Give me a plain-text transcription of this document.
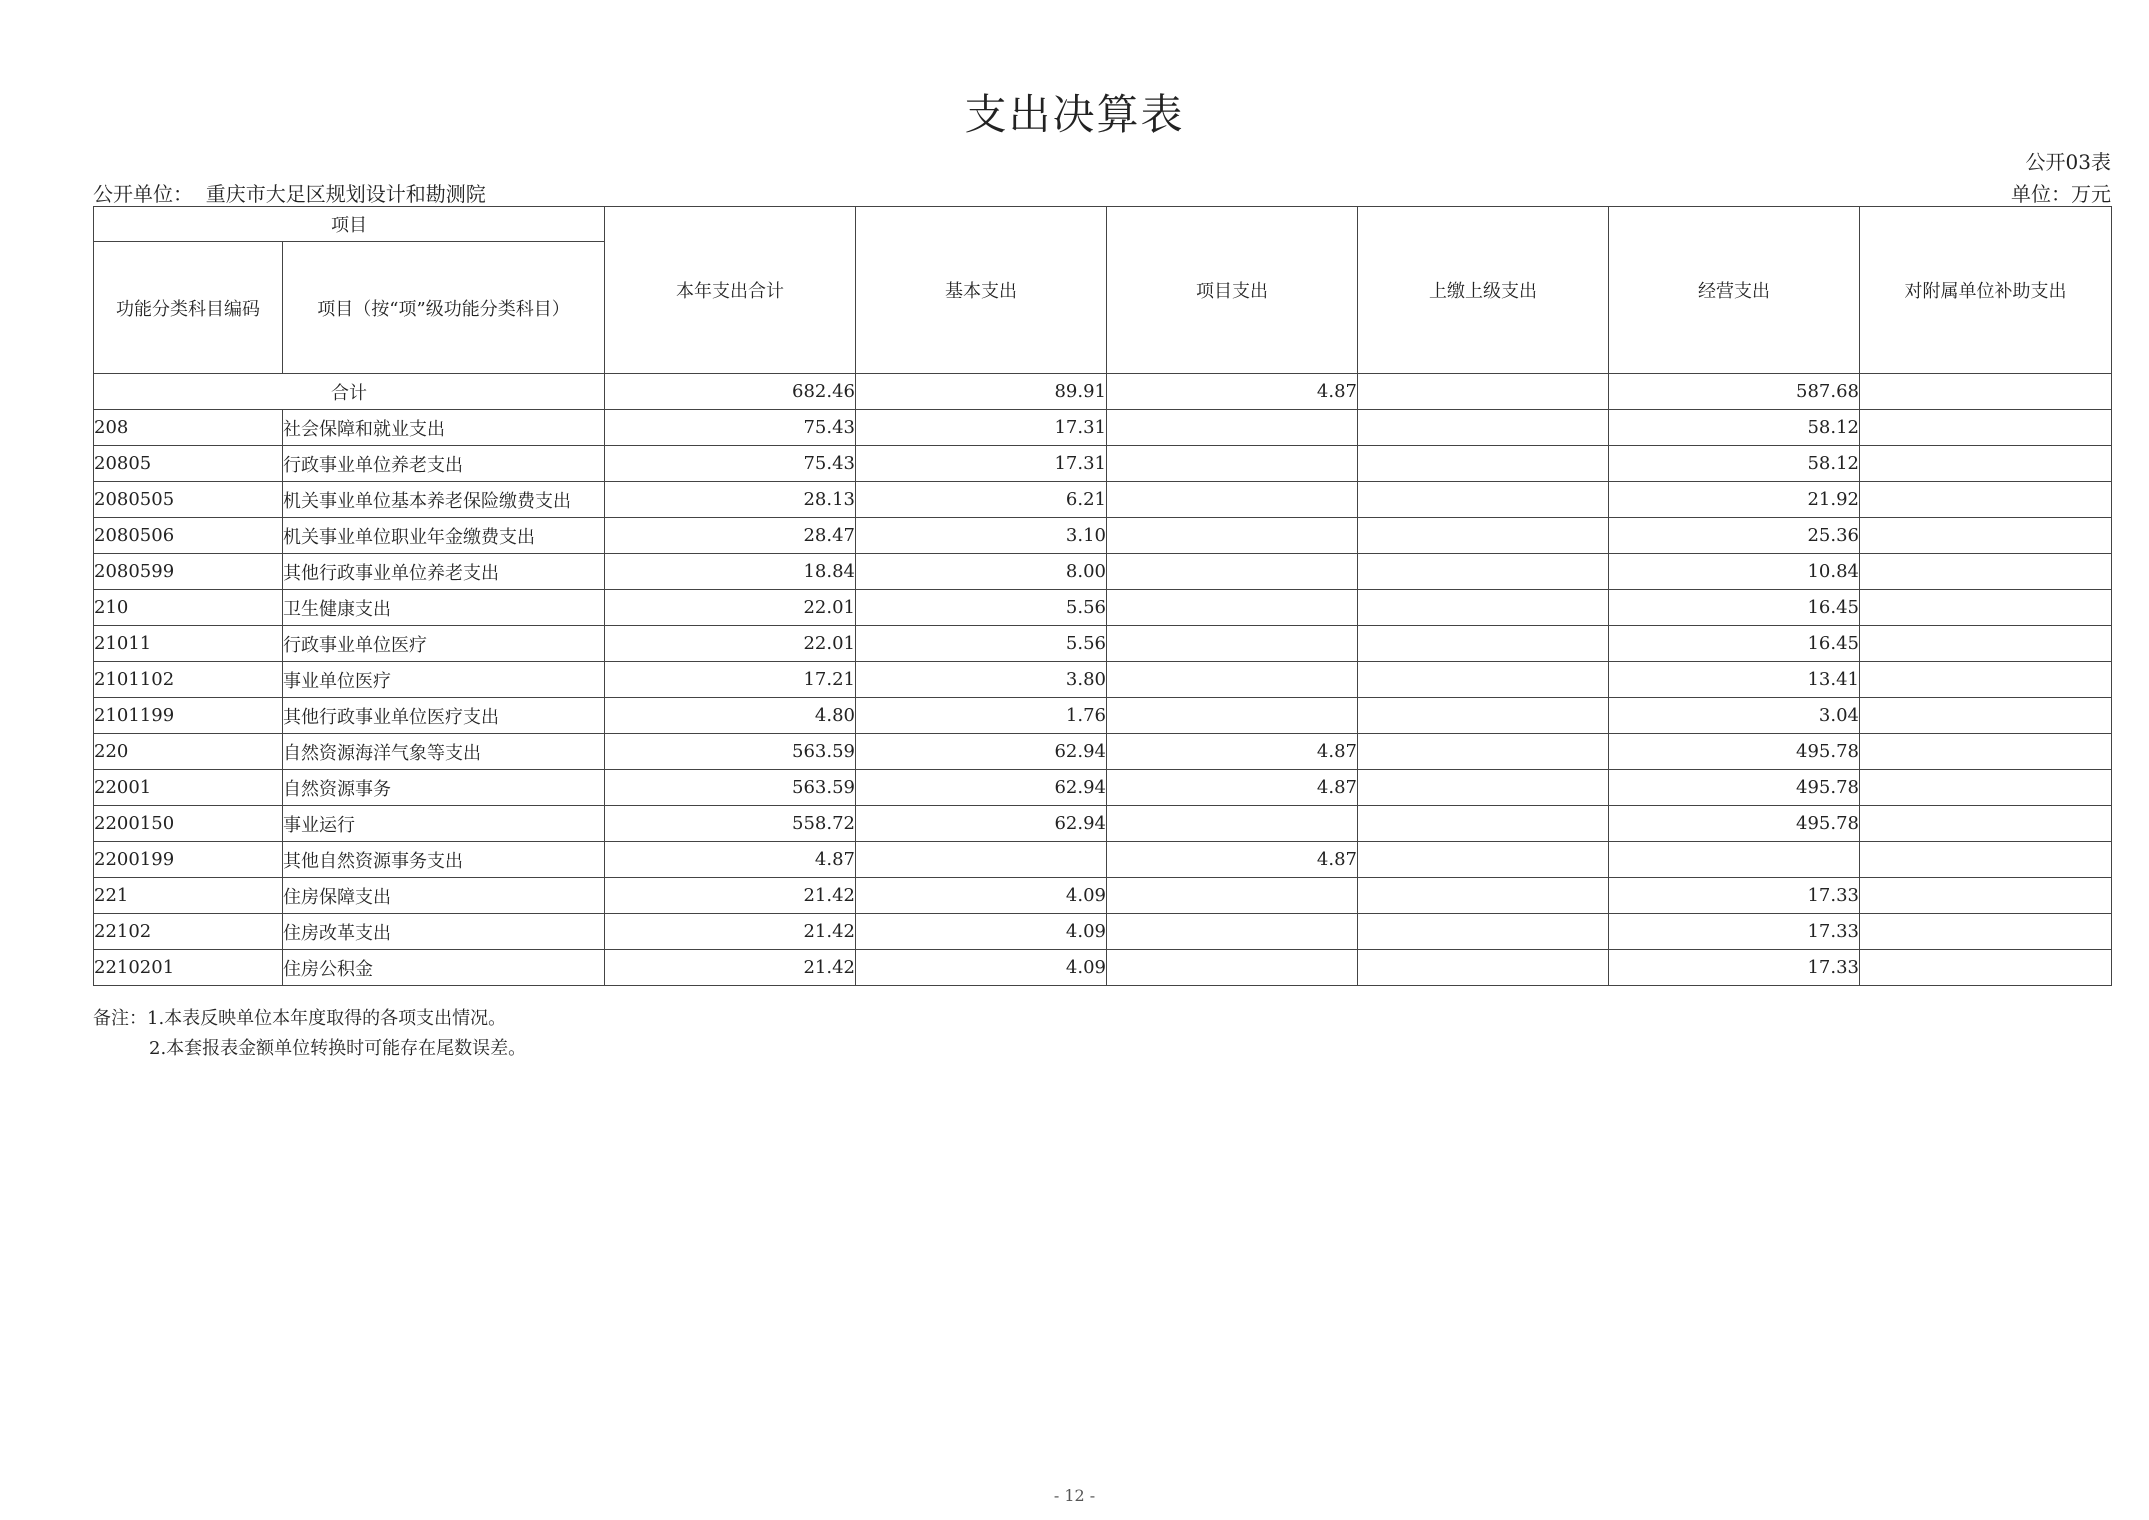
支出决算表
公开03表
公开单位： 重庆市大足区规划设计和勘测院	单位：万元
项目		本年支出合计	基本支出	项目支出	上缴上级支出	经营支出	对附属单位补助支出
功能分类科目编码	项目（按“项”级功能分类科目）						
合计		682.46	89.91	4.87		587.68	
208	社会保障和就业支出	75.43	17.31			58.12	
20805	行政事业单位养老支出	75.43	17.31			58.12	
2080505	机关事业单位基本养老保险缴费支出	28.13	6.21			21.92	
2080506	机关事业单位职业年金缴费支出	28.47	3.10			25.36	
2080599	其他行政事业单位养老支出	18.84	8.00			10.84	
210	卫生健康支出	22.01	5.56			16.45	
21011	行政事业单位医疗	22.01	5.56			16.45	
2101102	事业单位医疗	17.21	3.80			13.41	
2101199	其他行政事业单位医疗支出	4.80	1.76			3.04	
220	自然资源海洋气象等支出	563.59	62.94	4.87		495.78	
22001	自然资源事务	563.59	62.94	4.87		495.78	
2200150	事业运行	558.72	62.94			495.78	
2200199	其他自然资源事务支出	4.87		4.87			
221	住房保障支出	21.42	4.09			17.33	
22102	住房改革支出	21.42	4.09			17.33	
2210201	住房公积金	21.42	4.09			17.33	
备注：1.本表反映单位本年度取得的各项支出情况。
2.本套报表金额单位转换时可能存在尾数误差。
- 12 -
